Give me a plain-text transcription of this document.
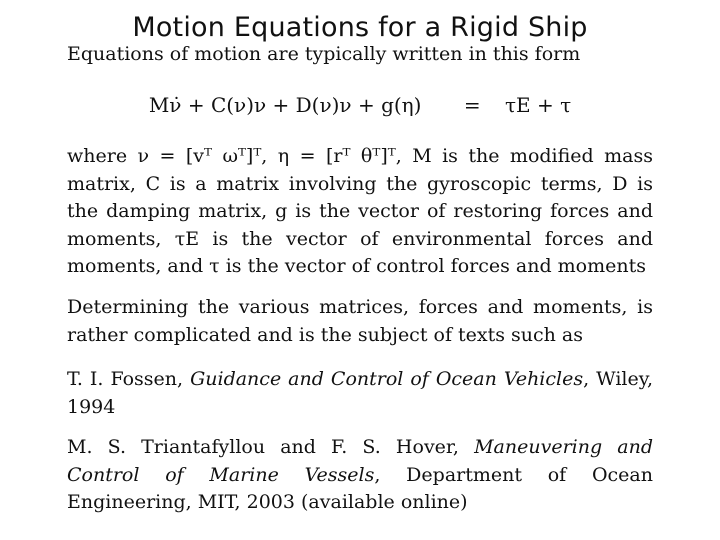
Motion Equations for a Rigid Ship
Equations of motion are typically written in this form
Mν̇ + C(ν)ν + D(ν)ν + g(η) = τE + τ

where ν = [vᵀ ωᵀ]ᵀ, η = [rᵀ θᵀ]ᵀ, M is the modified mass matrix, C is a matrix involving the gyroscopic terms, D is the damping matrix, g is the vector of restoring forces and moments, τE is the vector of environmental forces and moments, and τ is the vector of control forces and moments

Determining the various matrices, forces and moments, is rather complicated and is the subject of texts such as

T. I. Fossen, Guidance and Control of Ocean Vehicles, Wiley, 1994

M. S. Triantafyllou and F. S. Hover, Maneuvering and Control of Marine Vessels, Department of Ocean Engineering, MIT, 2003 (available online)
